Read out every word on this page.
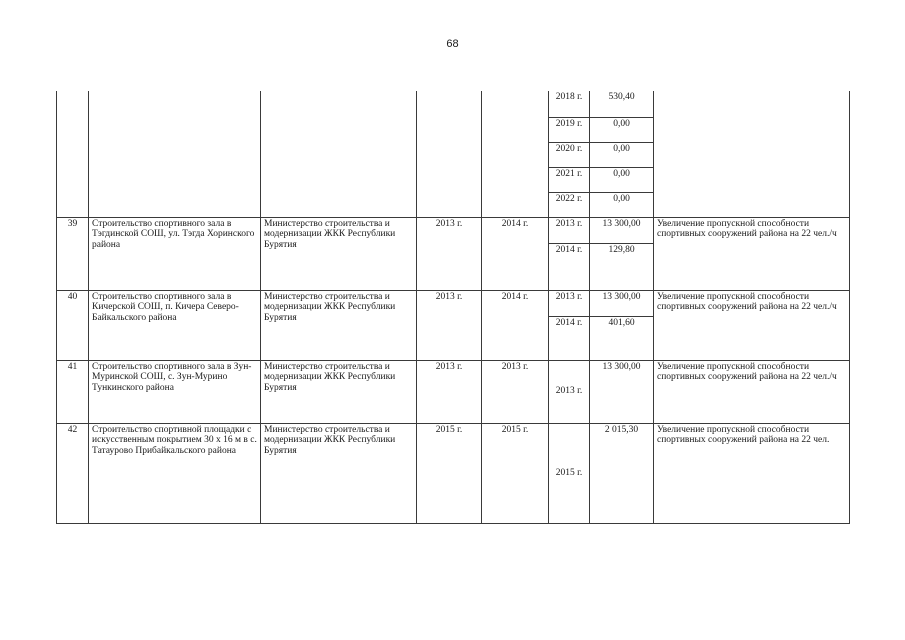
68
					2018 г.	530,40	
					2019 г.	0,00	
					2020 г.	0,00	
					2021 г.	0,00	
					2022 г.	0,00	
39	Строительство спортивного зала в Тэгдинской СОШ, ул. Тэгда Хоринского района	Министерство строительства и модернизации ЖКК Республики Бурятия	2013 г.	2014 г.	2013 г.	13 300,00	Увеличение пропускной способности спортивных сооружений района на 22 чел./ч
					2014 г.	129,80	
40	Строительство спортивного зала в Кичерской СОШ, п. Кичера Северо-Байкальского района	Министерство строительства и модернизации ЖКК Республики Бурятия	2013 г.	2014 г.	2013 г.	13 300,00	Увеличение пропускной способности спортивных сооружений района на 22 чел./ч
					2014 г.	401,60	
41	Строительство спортивного зала в Зун-Муринской СОШ, с. Зун-Мурино Тункинского района	Министерство строительства и модернизации ЖКК Республики Бурятия	2013 г.	2013 г.	2013 г.	13 300,00	Увеличение пропускной способности спортивных сооружений района на 22 чел./ч
42	Строительство спортивной площадки с искусственным покрытием 30 х 16 м в с. Татаурово Прибайкальского района	Министерство строительства и модернизации ЖКК Республики Бурятия	2015 г.	2015 г.	2015 г.	2 015,30	Увеличение пропускной способности спортивных сооружений района на 22 чел.
